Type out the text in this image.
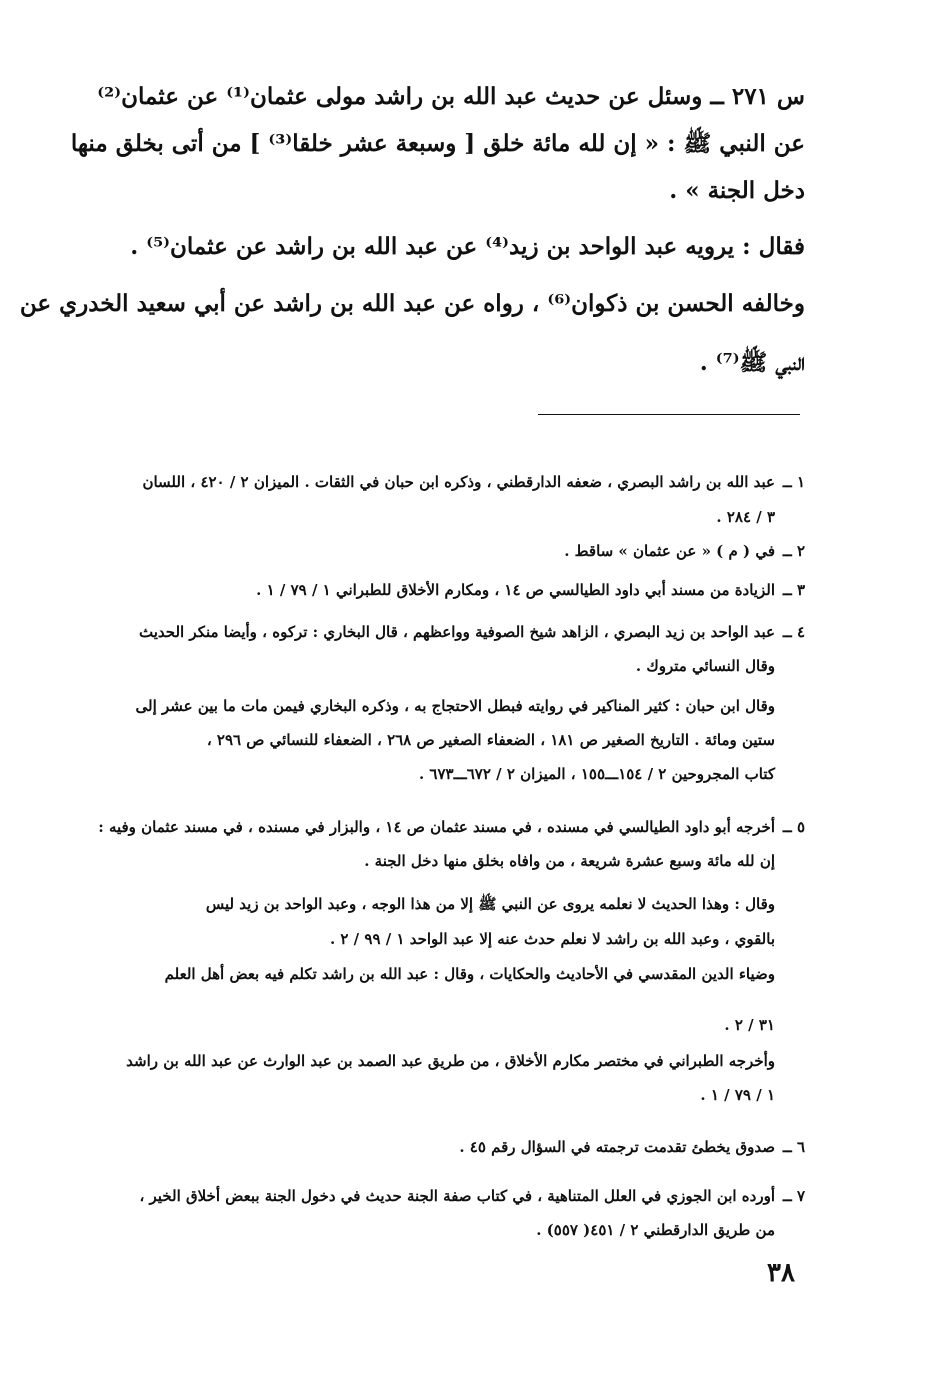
س ٢٧١ ــ وسئل عن حديث عبد الله بن راشد مولى عثمان⁽¹⁾ عن عثمان⁽²⁾
عن النبي ﷺ : « إن لله مائة خلق [ وسبعة عشر خلقا⁽³⁾ ] من أتى بخلق منها
دخل الجنة » .
فقال : يرويه عبد الواحد بن زيد⁽⁴⁾ عن عبد الله بن راشد عن عثمان⁽⁵⁾ .
وخالفه الحسن بن ذكوان⁽⁶⁾ ، رواه عن عبد الله بن راشد عن أبي سعيد الخدري عن
النبي ﷺ⁽⁷⁾ .
١ ــعبد الله بن راشد البصري ، ضعفه الدارقطني ، وذكره ابن حبان في الثقات . الميزان ٢ / ٤٢٠ ، اللسان
٣ / ٢٨٤ .
٢ ــفي ( م ) « عن عثمان » ساقط .
٣ ــالزيادة من مسند أبي داود الطيالسي ص ١٤ ، ومكارم الأخلاق للطبراني ١ / ٧٩ / ١ .
٤ ــعبد الواحد بن زيد البصري ، الزاهد شيخ الصوفية وواعظهم ، قال البخاري : تركوه ، وأيضا منكر الحديث
وقال النسائي متروك .
وقال ابن حبان : كثير المناكير في روايته فبطل الاحتجاج به ، وذكره البخاري فيمن مات ما بين عشر إلى
ستين ومائة . التاريخ الصغير ص ١٨١ ، الضعفاء الصغير ص ٢٦٨ ، الضعفاء للنسائي ص ٢٩٦ ،
كتاب المجروحين ٢ / ١٥٤ـــ١٥٥ ، الميزان ٢ / ٦٧٢ـــ٦٧٣ .
٥ ــأخرجه أبو داود الطيالسي في مسنده ، في مسند عثمان ص ١٤ ، والبزار في مسنده ، في مسند عثمان وفيه :
إن لله مائة وسبع عشرة شريعة ، من وافاه بخلق منها دخل الجنة .
وقال : وهذا الحديث لا نعلمه يروى عن النبي ﷺ إلا من هذا الوجه ، وعبد الواحد بن زيد ليس
بالقوي ، وعبد الله بن راشد لا نعلم حدث عنه إلا عبد الواحد ١ / ٩٩ / ٢ .
وضياء الدين المقدسي في الأحاديث والحكايات ، وقال : عبد الله بن راشد تكلم فيه بعض أهل العلم
٣١ / ٢ .
وأخرجه الطبراني في مختصر مكارم الأخلاق ، من طريق عبد الصمد بن عبد الوارث عن عبد الله بن راشد
١ / ٧٩ / ١ .
٦ ــصدوق يخطئ تقدمت ترجمته في السؤال رقم ٤٥ .
٧ ــأورده ابن الجوزي في العلل المتناهية ، في كتاب صفة الجنة حديث في دخول الجنة ببعض أخلاق الخير ،
من طريق الدارقطني ٢ / ٤٥١( ٥٥٧) .
٣٨
